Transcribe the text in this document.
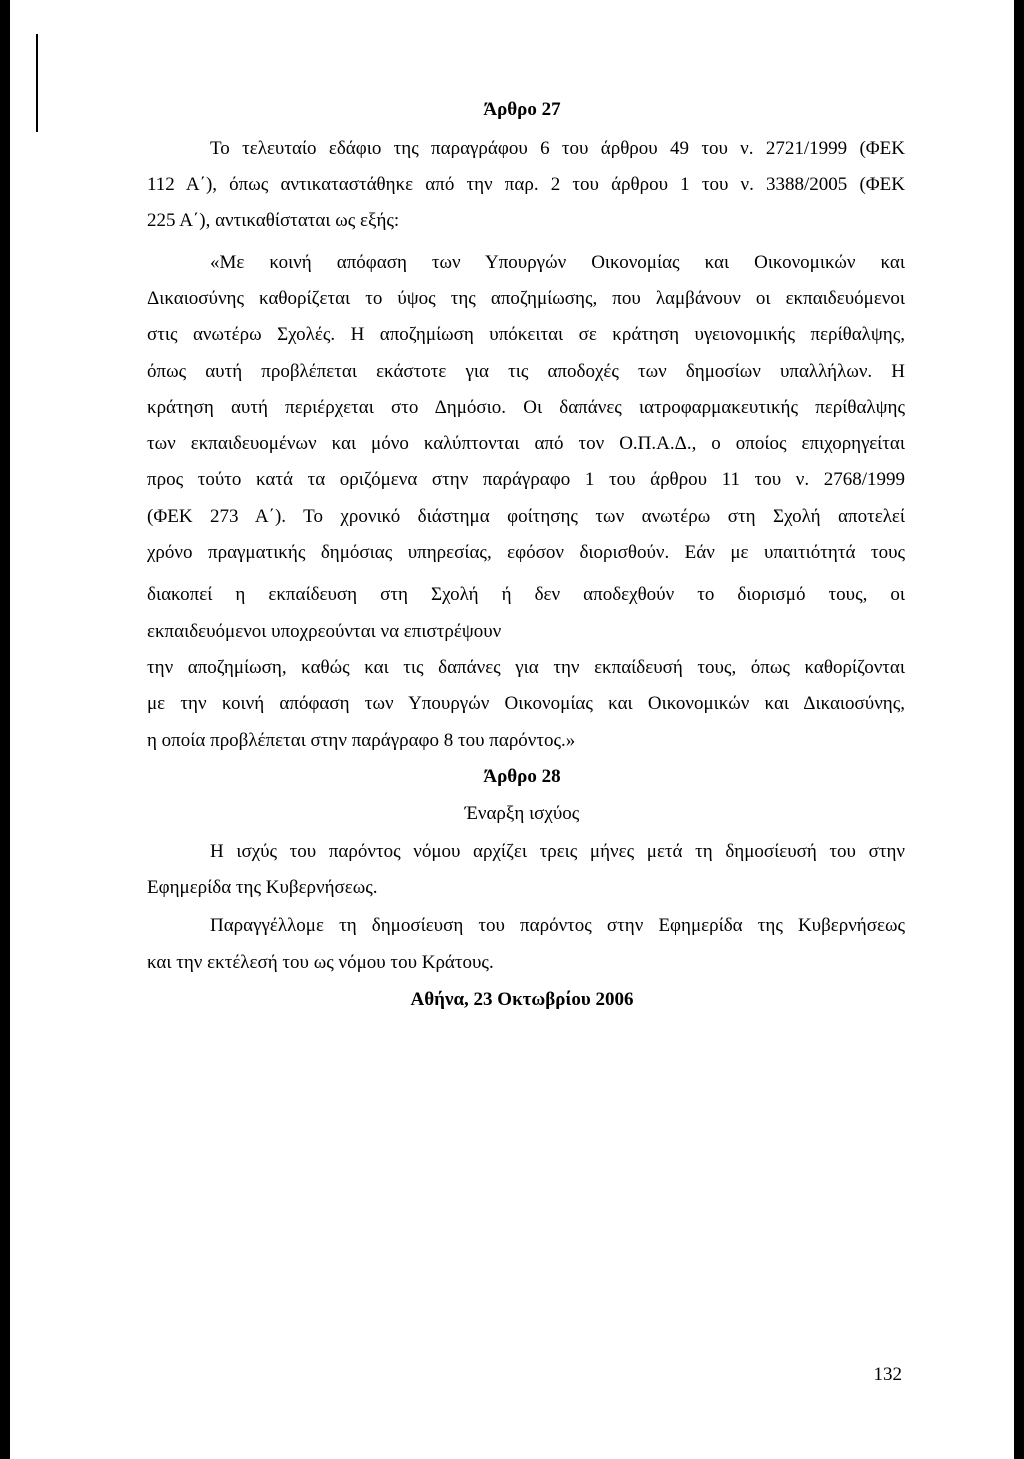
Άρθρο 27

Το τελευταίο εδάφιο της παραγράφου 6 του άρθρου 49 του ν. 2721/1999 (ΦΕΚ

112 Α΄), όπως αντικαταστάθηκε από την παρ. 2 του άρθρου 1 του ν. 3388/2005 (ΦΕΚ

225 Α΄), αντικαθίσταται ως εξής:

«Με κοινή απόφαση των Υπουργών Οικονομίας και Οικονομικών και

Δικαιοσύνης καθορίζεται το ύψος της αποζημίωσης, που λαμβάνουν οι εκπαιδευόμενοι

στις ανωτέρω Σχολές. Η αποζημίωση υπόκειται σε κράτηση υγειονομικής περίθαλψης,

όπως αυτή προβλέπεται εκάστοτε για τις αποδοχές των δημοσίων υπαλλήλων. Η

κράτηση αυτή περιέρχεται στο Δημόσιο. Οι δαπάνες ιατροφαρμακευτικής περίθαλψης

των εκπαιδευομένων και μόνο καλύπτονται από τον Ο.Π.Α.Δ., ο οποίος επιχορηγείται

προς τούτο κατά τα οριζόμενα στην παράγραφο 1 του άρθρου 11 του ν. 2768/1999

(ΦΕΚ 273 Α΄). Το χρονικό διάστημα φοίτησης των ανωτέρω στη Σχολή αποτελεί

χρόνο πραγματικής δημόσιας υπηρεσίας, εφόσον διορισθούν. Εάν με υπαιτιότητά τους

διακοπεί η εκπαίδευση στη Σχολή ή δεν αποδεχθούν το διορισμό τους, οι

εκπαιδευόμενοι υποχρεούνται να επιστρέψουν

την αποζημίωση, καθώς και τις δαπάνες για την εκπαίδευσή τους, όπως καθορίζονται

με την κοινή απόφαση των Υπουργών Οικονομίας και Οικονομικών και Δικαιοσύνης,

η οποία προβλέπεται στην παράγραφο 8 του παρόντος.»

Άρθρο 28

Έναρξη ισχύος

Η ισχύς του παρόντος νόμου αρχίζει τρεις μήνες μετά τη δημοσίευσή του στην

Εφημερίδα της Κυβερνήσεως.

Παραγγέλλομε τη δημοσίευση του παρόντος στην Εφημερίδα της Κυβερνήσεως

και την εκτέλεσή του ως νόμου του Κράτους.

Αθήνα, 23 Οκτωβρίου 2006

132
